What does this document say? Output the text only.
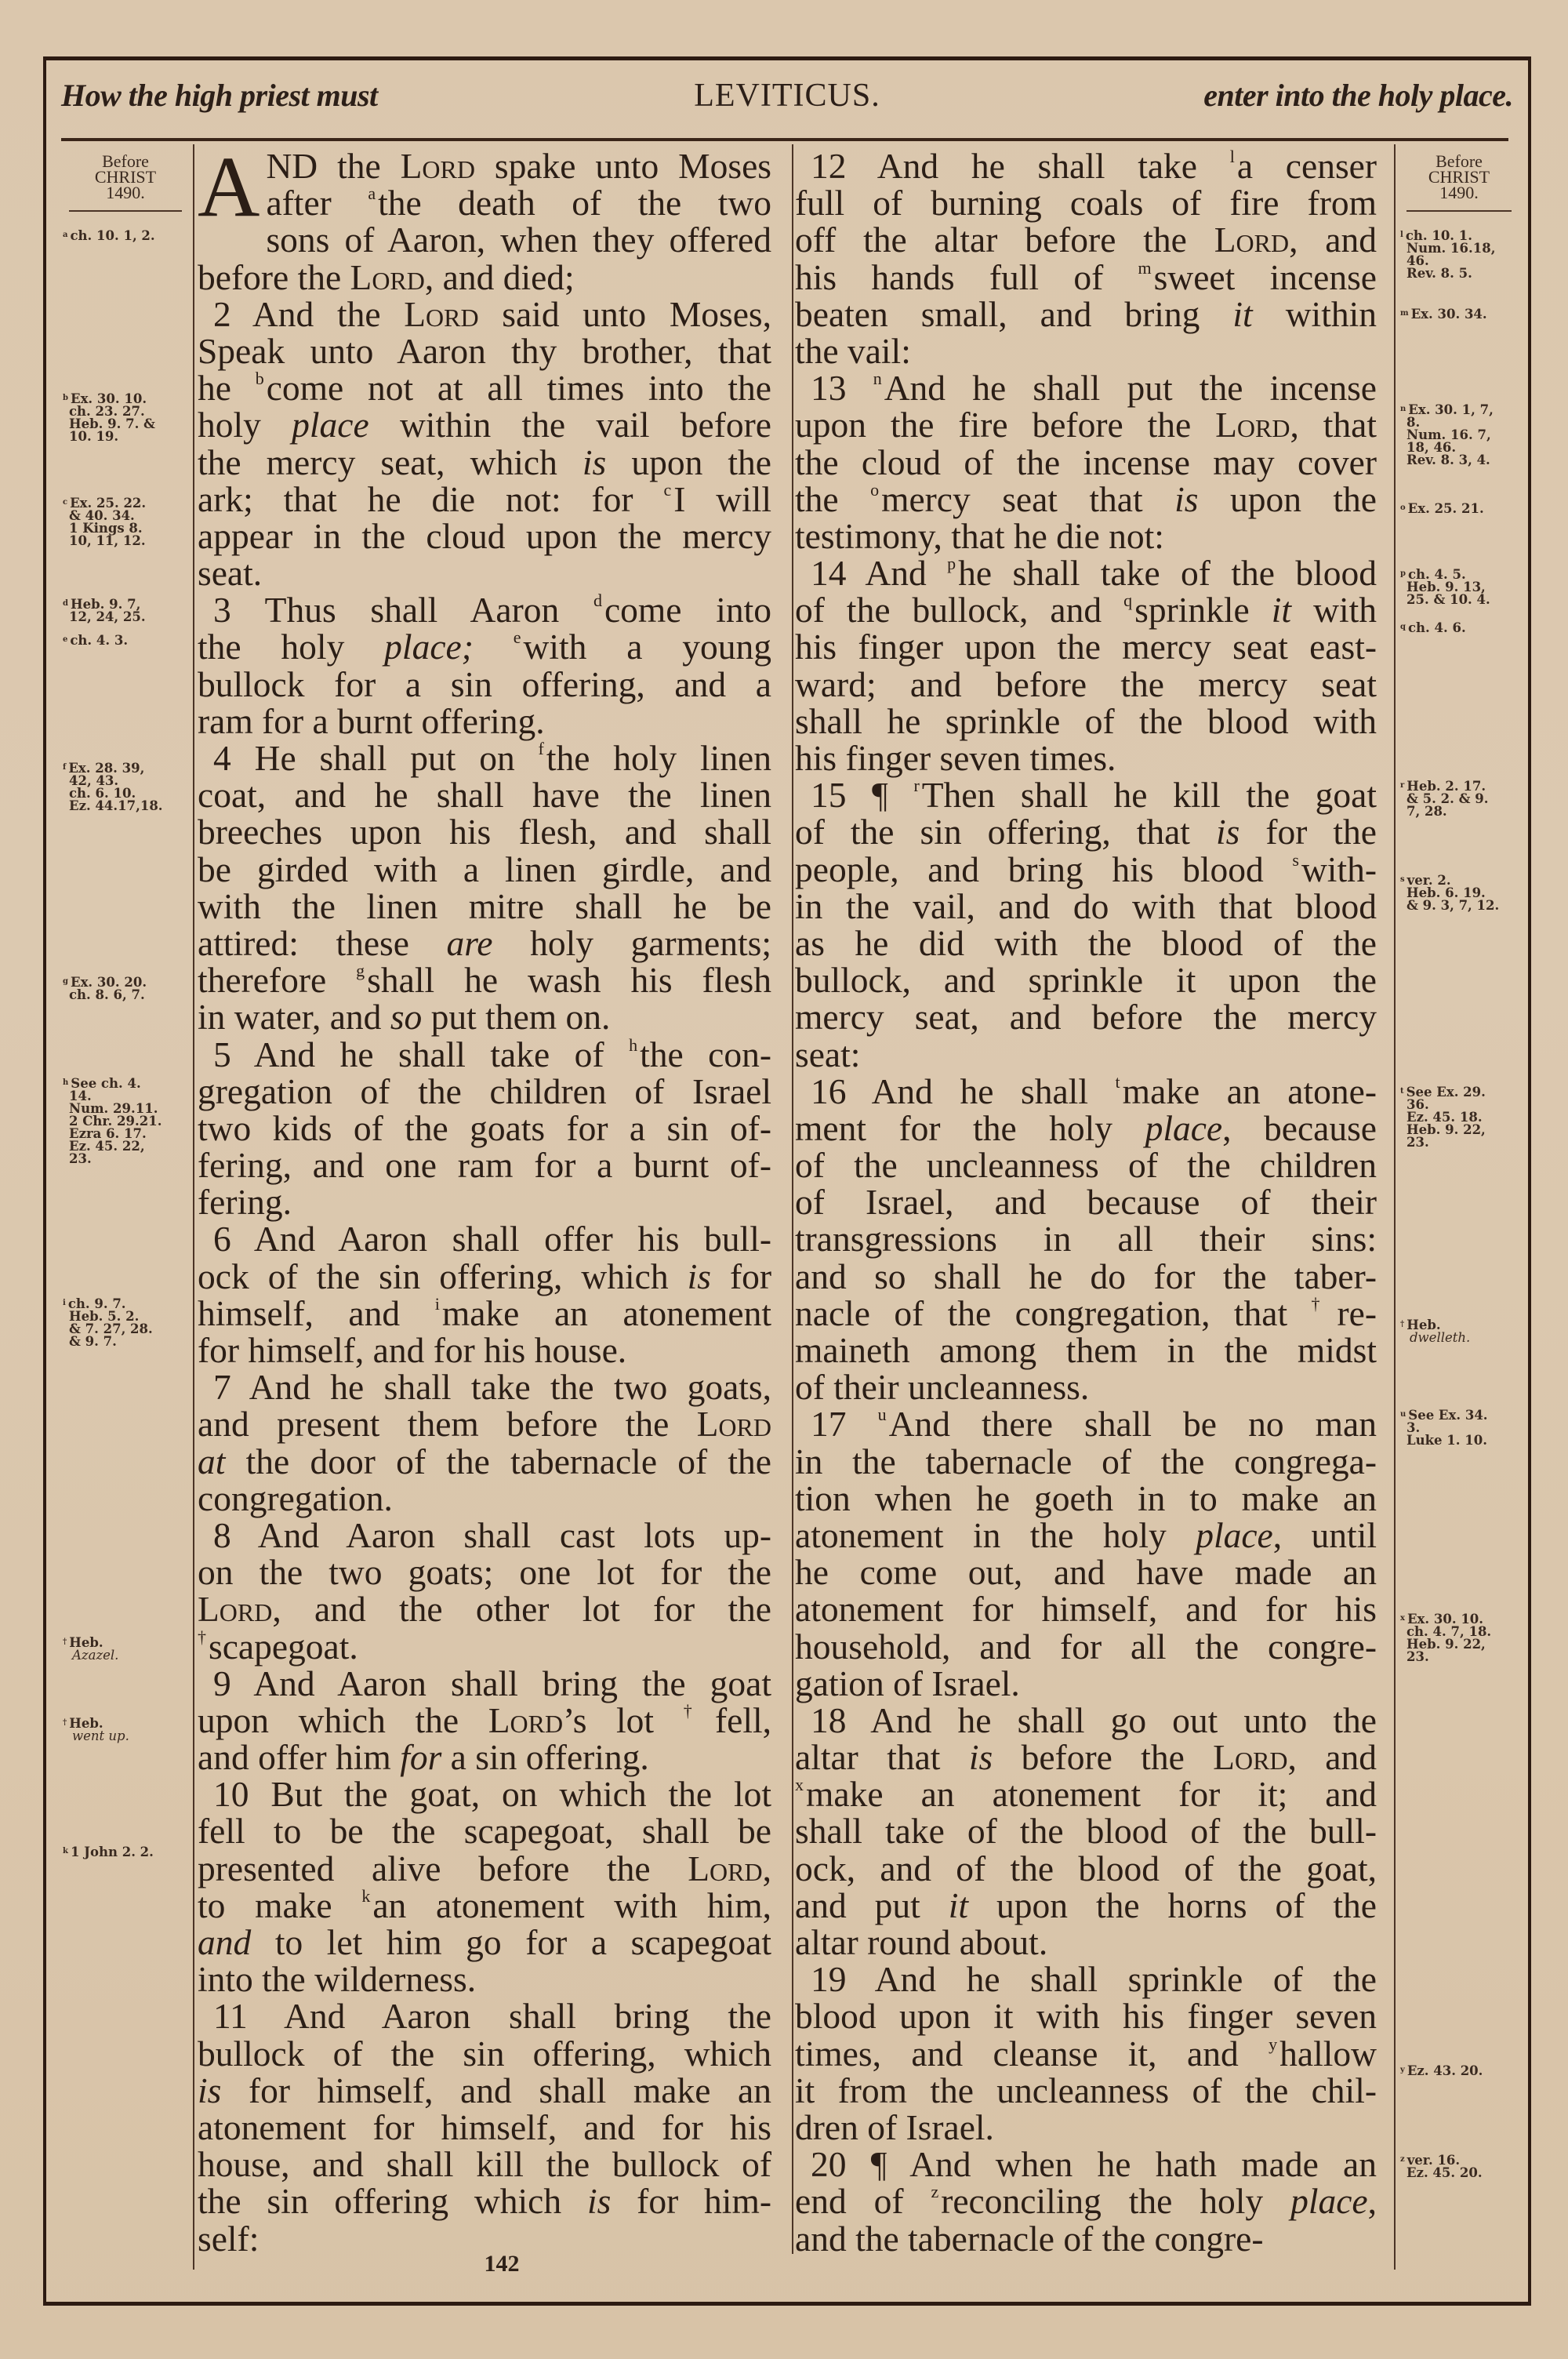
How the high priest must	LEVITICUS.	enter into the holy place.
Before
CHRIST
1490.
$^a$ ch. 10. 1, 2.
$^b$ Ex. 30. 10.
ch. 23. 27.
Heb. 9. 7. &
10. 19.
$^c$ Ex. 25. 22.
& 40. 34.
1 Kings 8.
10, 11, 12.
$^d$ Heb. 9. 7,
12, 24, 25.
$^e$ ch. 4. 3.
$^f$ Ex. 28. 39,
42, 43.
ch. 6. 10.
Ez. 44.17,18.
$^g$ Ex. 30. 20.
ch. 8. 6, 7.
$^h$ See ch. 4.
14.
Num. 29.11.
2 Chr. 29.21.
Ezra 6. 17.
Ez. 45. 22,
23.
$^i$ ch. 9. 7.
Heb. 5. 2.
& 7. 27, 28.
& 9. 7.
† Heb.
Azazel.
† Heb.
went up.
$^k$ 1 John 2. 2.
Before
CHRIST
1490.
$^l$ ch. 10. 1.
Num. 16.18,
46.
Rev. 8. 5.
$^m$ Ex. 30. 34.
$^n$ Ex. 30. 1, 7,
8.
Num. 16. 7,
18, 46.
Rev. 8. 3, 4.
$^o$ Ex. 25. 21.
$^p$ ch. 4. 5.
Heb. 9. 13,
25. & 10. 4.
$^q$ ch. 4. 6.
$^r$ Heb. 2. 17.
& 5. 2. & 9.
7, 28.
$^s$ ver. 2.
Heb. 6. 19.
& 9. 3, 7, 12.
$^t$ See Ex. 29.
36.
Ez. 45. 18.
Heb. 9. 22,
23.
† Heb.
dwelleth.
$^u$ See Ex. 34.
3.
Luke 1. 10.
$^x$ Ex. 30. 10.
ch. 4. 7, 18.
Heb. 9. 22,
23.
$^y$ Ez. 43. 20.
$^z$ ver. 16.
Ez. 45. 20.
A ND the Lord spake unto Moses
after $^a$the death of the two
sons of Aaron, when they offered
before the Lord, and died;
2 And the Lord said unto Moses,
Speak unto Aaron thy brother, that
he $^b$come not at all times into the
holy place within the vail before
the mercy seat, which is upon the
ark; that he die not: for $^c$I will
appear in the cloud upon the mercy
seat.
3 Thus shall Aaron $^d$come into
the holy place; $^e$with a young
bullock for a sin offering, and a
ram for a burnt offering.
4 He shall put on $^f$the holy linen
coat, and he shall have the linen
breeches upon his flesh, and shall
be girded with a linen girdle, and
with the linen mitre shall he be
attired: these are holy garments;
therefore $^g$shall he wash his flesh
in water, and so put them on.
5 And he shall take of $^h$the con-
gregation of the children of Israel
two kids of the goats for a sin of-
fering, and one ram for a burnt of-
fering.
6 And Aaron shall offer his bull-
ock of the sin offering, which is for
himself, and $^i$make an atonement
for himself, and for his house.
7 And he shall take the two goats,
and present them before the Lord
at the door of the tabernacle of the
congregation.
8 And Aaron shall cast lots up-
on the two goats; one lot for the
Lord, and the other lot for the
†scapegoat.
9 And Aaron shall bring the goat
upon which the Lord’s lot †fell,
and offer him for a sin offering.
10 But the goat, on which the lot
fell to be the scapegoat, shall be
presented alive before the Lord,
to make $^k$an atonement with him,
and to let him go for a scapegoat
into the wilderness.
11 And Aaron shall bring the
bullock of the sin offering, which
is for himself, and shall make an
atonement for himself, and for his
house, and shall kill the bullock of
the sin offering which is for him-
self:
12 And he shall take $^l$a censer
full of burning coals of fire from
off the altar before the Lord, and
his hands full of $^m$sweet incense
beaten small, and bring it within
the vail:
13 $^n$And he shall put the incense
upon the fire before the Lord, that
the cloud of the incense may cover
the $^o$mercy seat that is upon the
testimony, that he die not:
14 And $^p$he shall take of the blood
of the bullock, and $^q$sprinkle it with
his finger upon the mercy seat east-
ward; and before the mercy seat
shall he sprinkle of the blood with
his finger seven times.
15 ¶ $^r$Then shall he kill the goat
of the sin offering, that is for the
people, and bring his blood $^s$with-
in the vail, and do with that blood
as he did with the blood of the
bullock, and sprinkle it upon the
mercy seat, and before the mercy
seat:
16 And he shall $^t$make an atone-
ment for the holy place, because
of the uncleanness of the children
of Israel, and because of their
transgressions in all their sins:
and so shall he do for the taber-
nacle of the congregation, that †re-
maineth among them in the midst
of their uncleanness.
17 $^u$And there shall be no man
in the tabernacle of the congrega-
tion when he goeth in to make an
atonement in the holy place, until
he come out, and have made an
atonement for himself, and for his
household, and for all the congre-
gation of Israel.
18 And he shall go out unto the
altar that is before the Lord, and
$^x$make an atonement for it; and
shall take of the blood of the bull-
ock, and of the blood of the goat,
and put it upon the horns of the
altar round about.
19 And he shall sprinkle of the
blood upon it with his finger seven
times, and cleanse it, and $^y$hallow
it from the uncleanness of the chil-
dren of Israel.
20 ¶ And when he hath made an
end of $^z$reconciling the holy place,
and the tabernacle of the congre-
142
